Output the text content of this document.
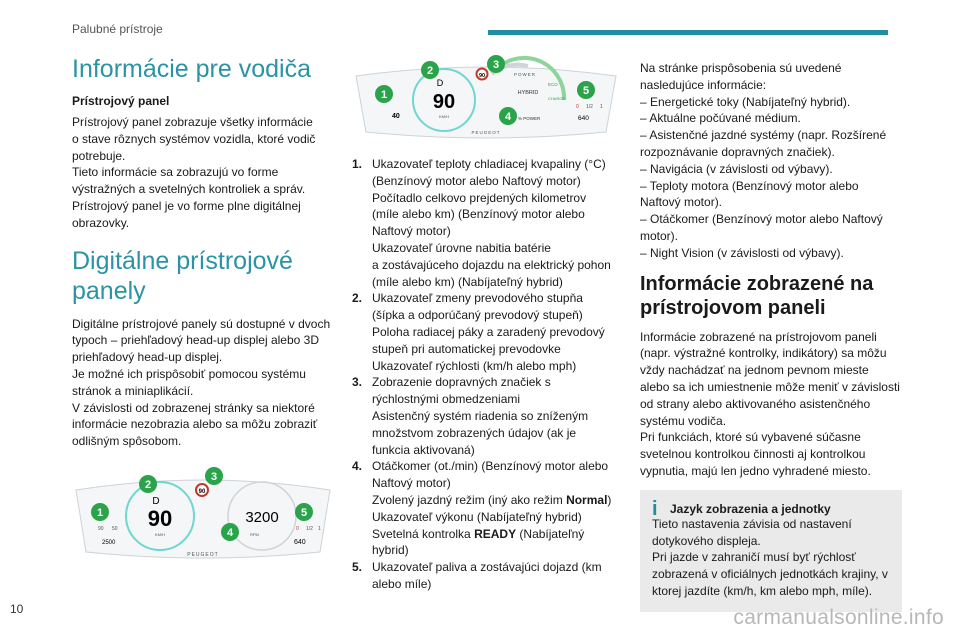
Palubné prístroje
Informácie pre vodiča
Prístrojový panel

Prístrojový panel zobrazuje všetky informácie
o stave rôznych systémov vozidla, ktoré vodič
potrebuje.
Tieto informácie sa zobrazujú vo forme
výstražných a svetelných kontroliek a správ.
Prístrojový panel je vo forme plne digitálnej
obrazovky.

Digitálne prístrojové panely

Digitálne prístrojové panely sú dostupné v dvoch
typoch – priehľadový head-up displej alebo 3D
priehľadový head-up displej.
Je možné ich prispôsobiť pomocou systému
stránok a miniaplikácií.
V závislosti od zobrazenej stránky sa niektoré
informácie nezobrazia alebo sa môžu zobraziť
odlišným spôsobom.

1
2
3
4
5
90
D
90
KM/H
3200
RPM
90 50
2500
0 1/2 1
640
PEUGEOT
1
2	3
4
5
90
D
90
KM/H
POWER
ECO
CHARGE
HYBRID
% POWER
40
0 1/2 1
640
PEUGEOT
1. Ukazovateľ teploty chladiacej kvapaliny (°C)
(Benzínový motor alebo Naftový motor)
Počítadlo celkovo prejdených kilometrov
(míle alebo km) (Benzínový motor alebo
Naftový motor)
Ukazovateľ úrovne nabitia batérie
a zostávajúceho dojazdu na elektrický pohon
(míle alebo km) (Nabíjateľný hybrid)
2. Ukazovateľ zmeny prevodového stupňa
(šípka a odporúčaný prevodový stupeň)
Poloha radiacej páky a zaradený prevodový
stupeň pri automatickej prevodovke
Ukazovateľ rýchlosti (km/h alebo mph)
3. Zobrazenie dopravných značiek s
rýchlostnými obmedzeniami
Asistenčný systém riadenia so zníženým
množstvom zobrazených údajov (ak je
funkcia aktivovaná)
4. Otáčkomer (ot./min) (Benzínový motor alebo
Naftový motor)
Zvolený jazdný režim (iný ako režim Normal)
Ukazovateľ výkonu (Nabíjateľný hybrid)
Svetelná kontrolka READY (Nabíjateľný
hybrid)
5. Ukazovateľ paliva a zostávajúci dojazd (km
alebo míle)

Na stránke prispôsobenia sú uvedené
nasledujúce informácie:

– Energetické toky (Nabíjateľný hybrid).
– Aktuálne počúvané médium.
– Asistenčné jazdné systémy (napr. Rozšírené
rozpoznávanie dopravných značiek).
– Navigácia (v závislosti od výbavy).
– Teploty motora (Benzínový motor alebo
Naftový motor).
– Otáčkomer (Benzínový motor alebo Naftový
motor).
– Night Vision (v závislosti od výbavy).

Informácie zobrazené na prístrojovom paneli

Informácie zobrazené na prístrojovom paneli
(napr. výstražné kontrolky, indikátory) sa môžu
vždy nachádzať na jednom pevnom mieste
alebo sa ich umiestnenie môže meniť v závislosti
od strany alebo aktivovaného asistenčného
systému vodiča.
Pri funkciách, ktoré sú vybavené súčasne
svetelnou kontrolkou činnosti aj kontrolkou
vypnutia, majú len jedno vyhradené miesto.

i	Jazyk zobrazenia a jednotky

Tieto nastavenia závisia od nastavení
dotykového displeja.
Pri jazde v zahraničí musí byť rýchlosť
zobrazená v oficiálnych jednotkách krajiny, v
ktorej jazdíte (km/h, km alebo mph, míle).

10	carmanualsonline.info
